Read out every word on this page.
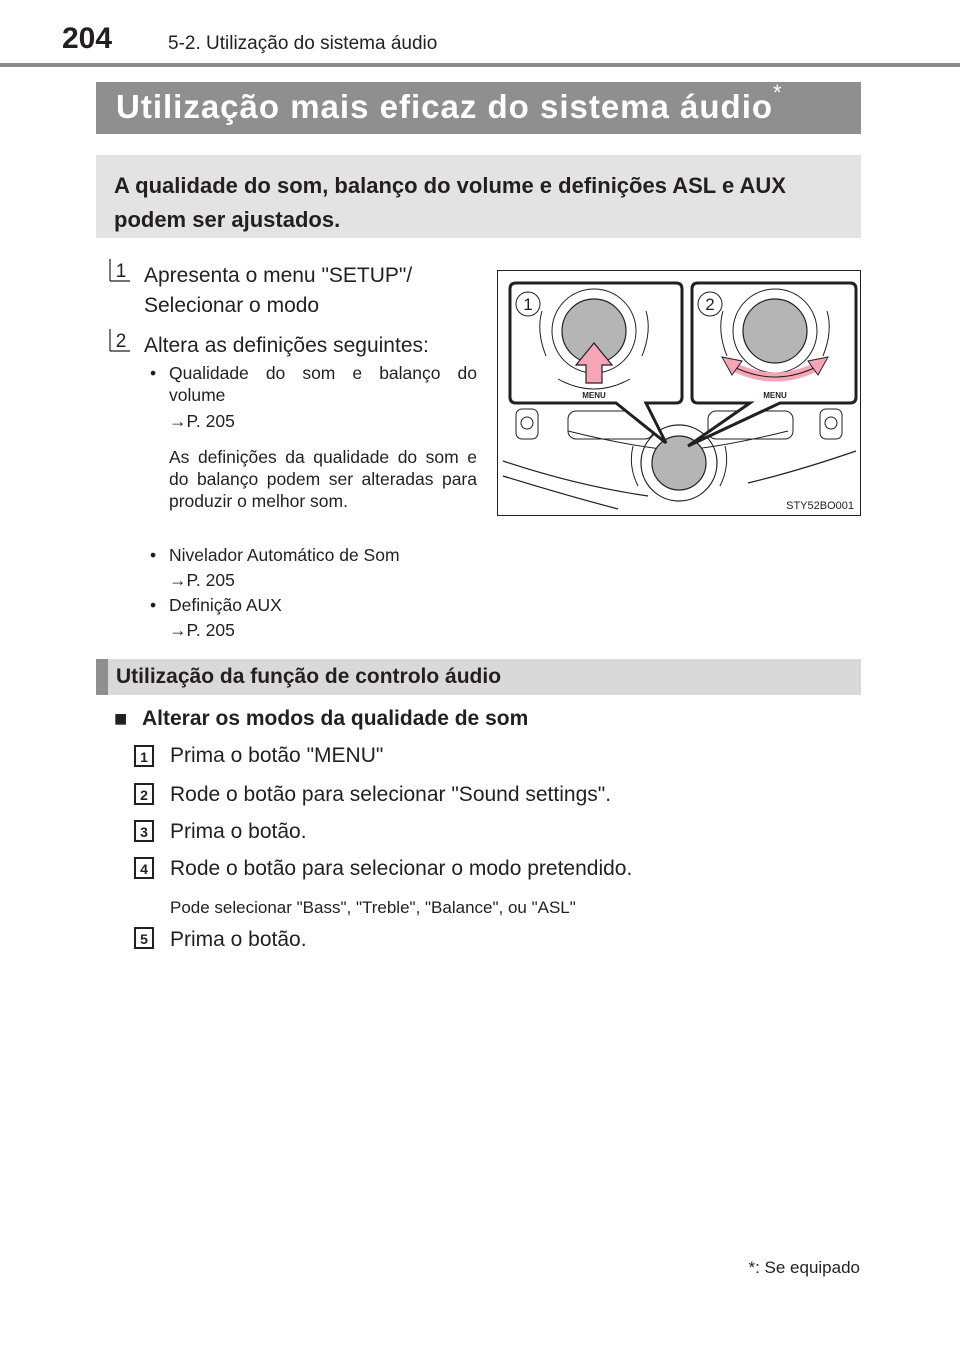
204	5-2. Utilização do sistema áudio
Utilização mais eficaz do sistema áudio*
A qualidade do som, balanço do volume e definições ASL e AUX podem ser ajustados.
1 Apresenta o menu "SETUP"/
Selecionar o modo
2 Altera as definições seguintes:
• Qualidade do som e balanço do volume
→P. 205
As definições da qualidade do som e do balanço podem ser alteradas para produzir o melhor som.
• Nivelador Automático de Som
→P. 205
• Definição AUX
→P. 205
1	2
MENU	MENU
STY52BO001
Utilização da função de controlo áudio
■ Alterar os modos da qualidade de som
1 Prima o botão "MENU"
2 Rode o botão para selecionar "Sound settings".
3 Prima o botão.
4 Rode o botão para selecionar o modo pretendido.
Pode selecionar "Bass", "Treble", "Balance", ou "ASL"
5 Prima o botão.
*: Se equipado
